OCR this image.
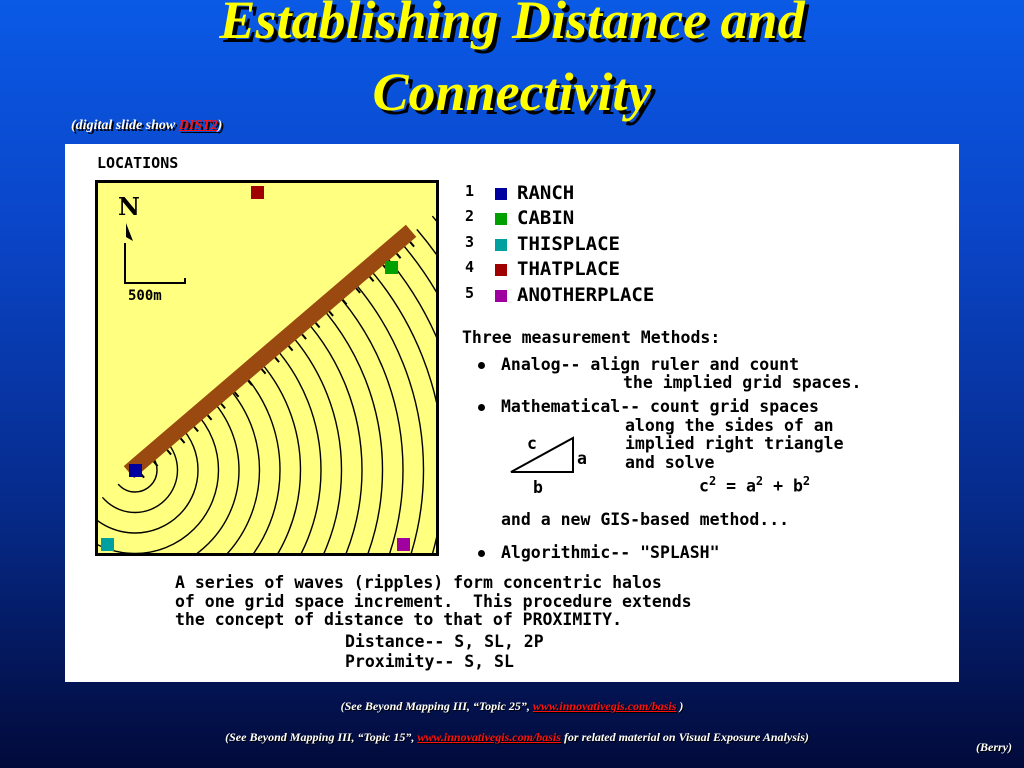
Establishing Distance and
Connectivity
(digital slide show DIST2)
LOCATIONS
N
500m
1 RANCH
2 CABIN
3 THISPLACE
4 THATPLACE
5 ANOTHERPLACE
Three measurement Methods:
Analog-- align ruler and count
the implied grid spaces.
Mathematical-- count grid spaces
along the sides of an
implied right triangle
and solve
c
a
b	$c^2 = a^2 + b^2$
and a new GIS-based method...
Algorithmic-- "SPLASH"
A series of waves (ripples) form concentric halos
of one grid space increment.  This procedure extends
the concept of distance to that of PROXIMITY.
Distance-- S, SL, 2P
Proximity-- S, SL
(See Beyond Mapping III, “Topic 25”, www.innovativegis.com/basis )
(See Beyond Mapping III, “Topic 15”, www.innovativegis.com/basis for related material on Visual Exposure Analysis)
(Berry)
